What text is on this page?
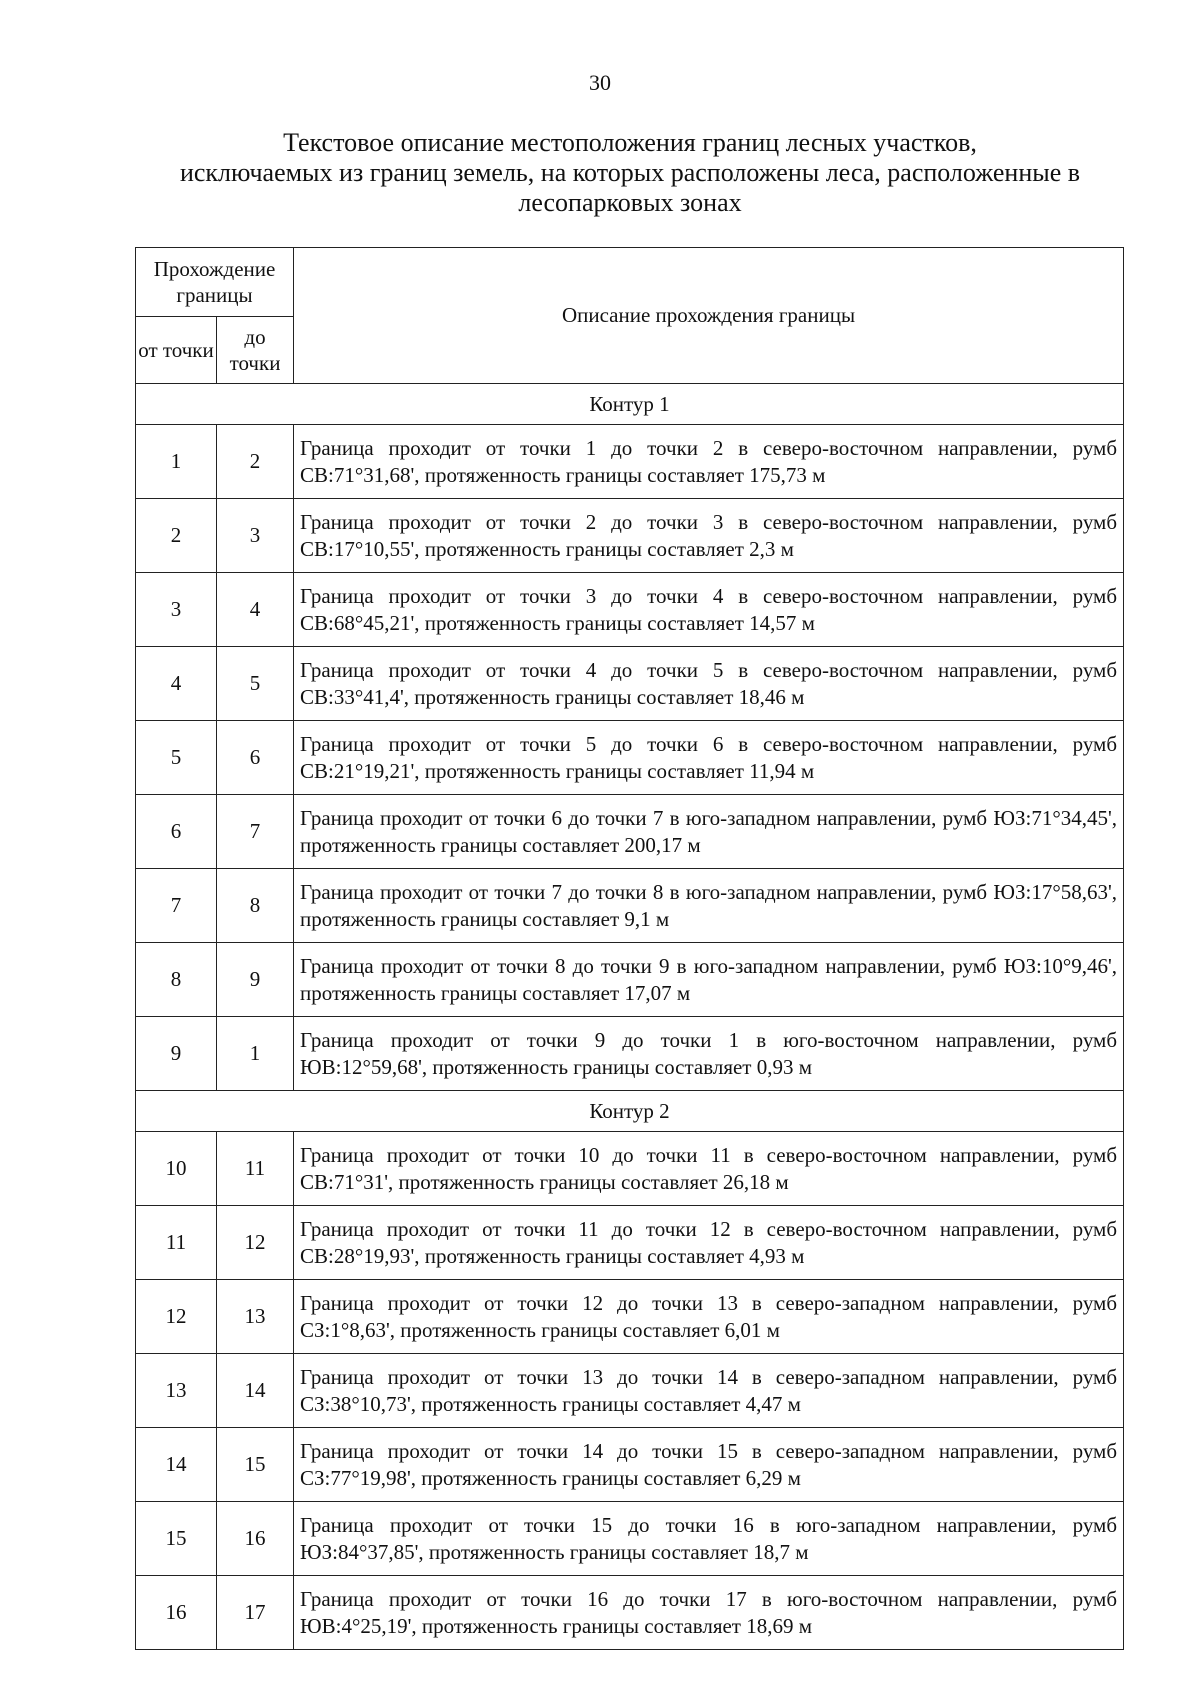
30
Текстовое описание местоположения границ лесных участков,
исключаемых из границ земель, на которых расположены леса, расположенные в
лесопарковых зонах
Прохождение границы		Описание прохождения границы
от точки	до точки	
Контур 1		
1	2	Граница проходит от точки 1 до точки 2 в северо-восточном направлении, румб СВ:71°31,68', протяженность границы составляет 175,73 м
2	3	Граница проходит от точки 2 до точки 3 в северо-восточном направлении, румб СВ:17°10,55', протяженность границы составляет 2,3 м
3	4	Граница проходит от точки 3 до точки 4 в северо-восточном направлении, румб СВ:68°45,21', протяженность границы составляет 14,57 м
4	5	Граница проходит от точки 4 до точки 5 в северо-восточном направлении, румб СВ:33°41,4', протяженность границы составляет 18,46 м
5	6	Граница проходит от точки 5 до точки 6 в северо-восточном направлении, румб СВ:21°19,21', протяженность границы составляет 11,94 м
6	7	Граница проходит от точки 6 до точки 7 в юго-западном направлении, румб ЮЗ:71°34,45', протяженность границы составляет 200,17 м
7	8	Граница проходит от точки 7 до точки 8 в юго-западном направлении, румб ЮЗ:17°58,63', протяженность границы составляет 9,1 м
8	9	Граница проходит от точки 8 до точки 9 в юго-западном направлении, румб ЮЗ:10°9,46', протяженность границы составляет 17,07 м
9	1	Граница проходит от точки 9 до точки 1 в юго-восточном направлении, румб ЮВ:12°59,68', протяженность границы составляет 0,93 м
Контур 2		
10	11	Граница проходит от точки 10 до точки 11 в северо-восточном направлении, румб СВ:71°31', протяженность границы составляет 26,18 м
11	12	Граница проходит от точки 11 до точки 12 в северо-восточном направлении, румб СВ:28°19,93', протяженность границы составляет 4,93 м
12	13	Граница проходит от точки 12 до точки 13 в северо-западном направлении, румб СЗ:1°8,63', протяженность границы составляет 6,01 м
13	14	Граница проходит от точки 13 до точки 14 в северо-западном направлении, румб СЗ:38°10,73', протяженность границы составляет 4,47 м
14	15	Граница проходит от точки 14 до точки 15 в северо-западном направлении, румб СЗ:77°19,98', протяженность границы составляет 6,29 м
15	16	Граница проходит от точки 15 до точки 16 в юго-западном направлении, румб ЮЗ:84°37,85', протяженность границы составляет 18,7 м
16	17	Граница проходит от точки 16 до точки 17 в юго-восточном направлении, румб ЮВ:4°25,19', протяженность границы составляет 18,69 м
